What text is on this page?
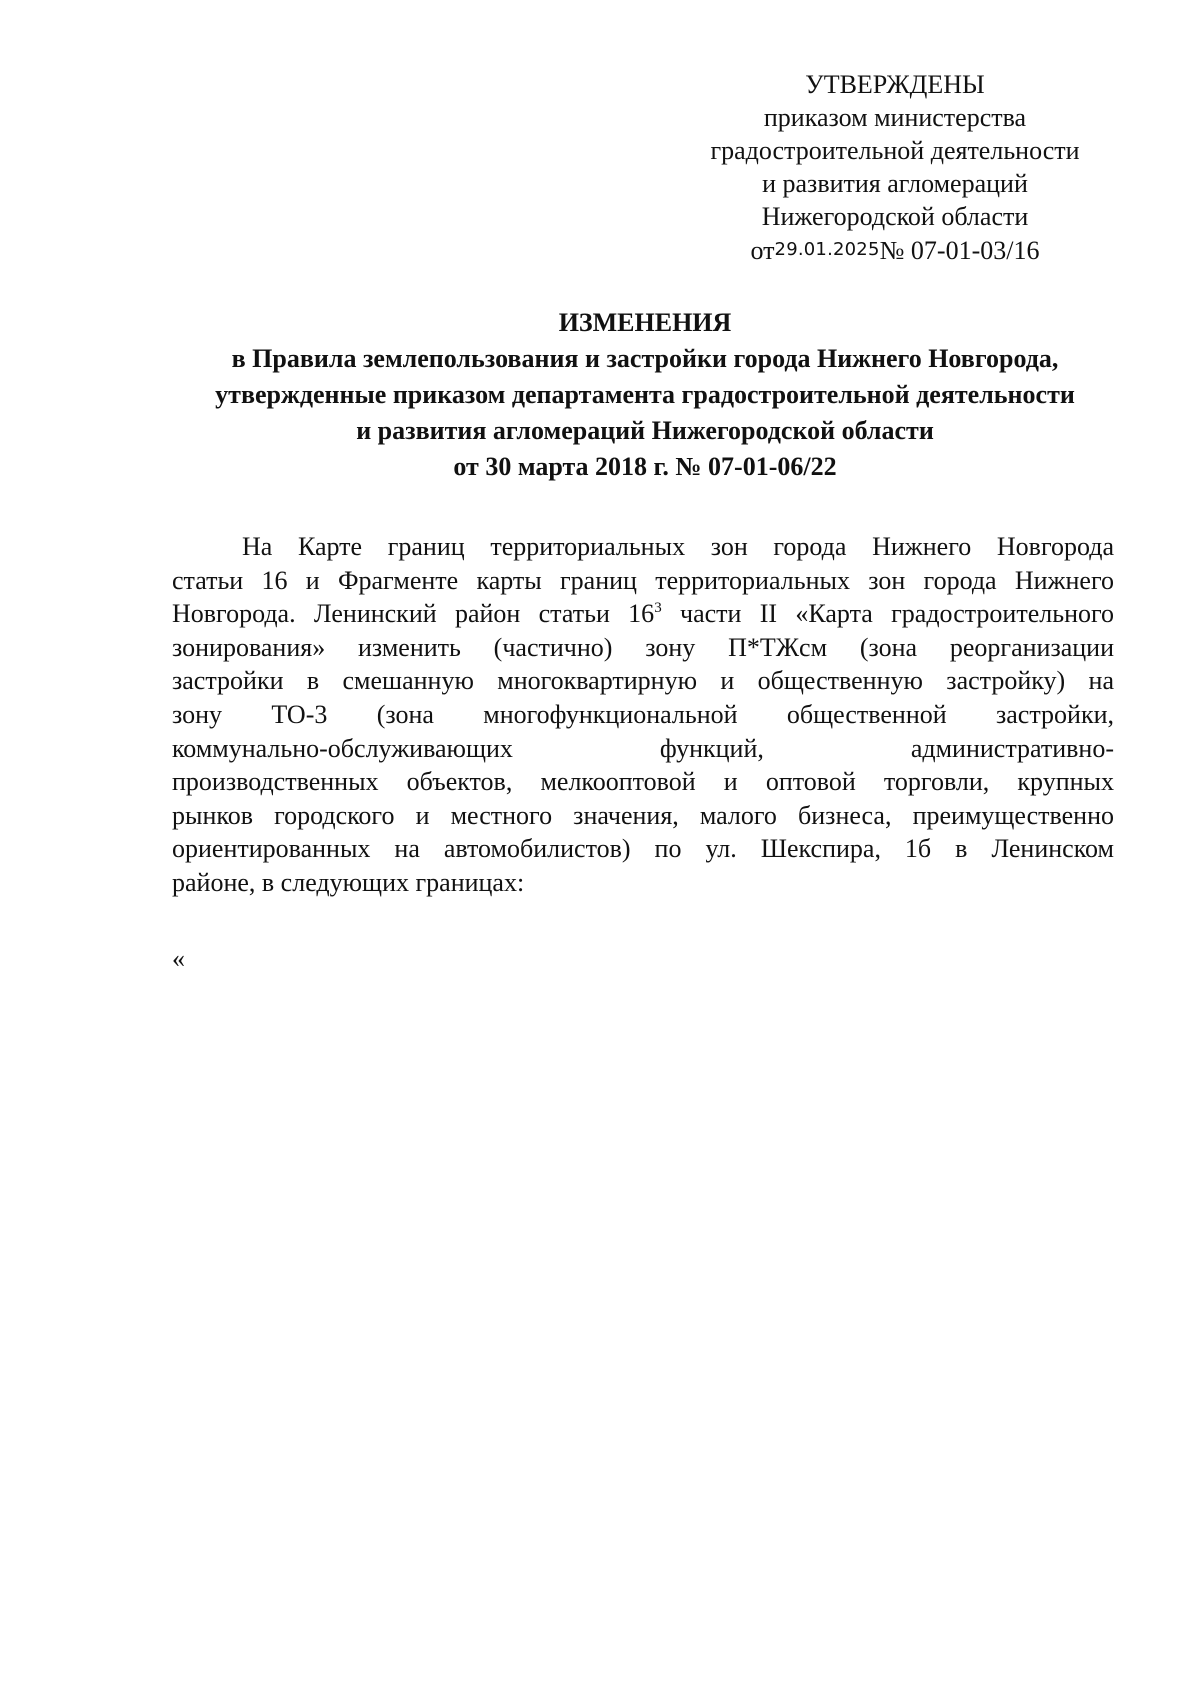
УТВЕРЖДЕНЫ
приказом министерства
градостроительной деятельности
и развития агломераций
Нижегородской области
от29.01.2025№ 07-01-03/16
ИЗМЕНЕНИЯ
в Правила землепользования и застройки города Нижнего Новгорода,
утвержденные приказом департамента градостроительной деятельности
и развития агломераций Нижегородской области
от 30 марта 2018 г. № 07-01-06/22
На Карте границ территориальных зон города Нижнего Новгорода
статьи 16 и Фрагменте карты границ территориальных зон города Нижнего
Новгорода. Ленинский район статьи $16^3$ части II «Карта градостроительного
зонирования» изменить (частично) зону П*ТЖсм (зона реорганизации
застройки в смешанную многоквартирную и общественную застройку) на
зону ТО-3 (зона многофункциональной общественной застройки,
коммунально-обслуживающих функций, административно-
производственных объектов, мелкооптовой и оптовой торговли, крупных
рынков городского и местного значения, малого бизнеса, преимущественно
ориентированных на автомобилистов) по ул. Шекспира, 1б в Ленинском
районе, в следующих границах:
«
